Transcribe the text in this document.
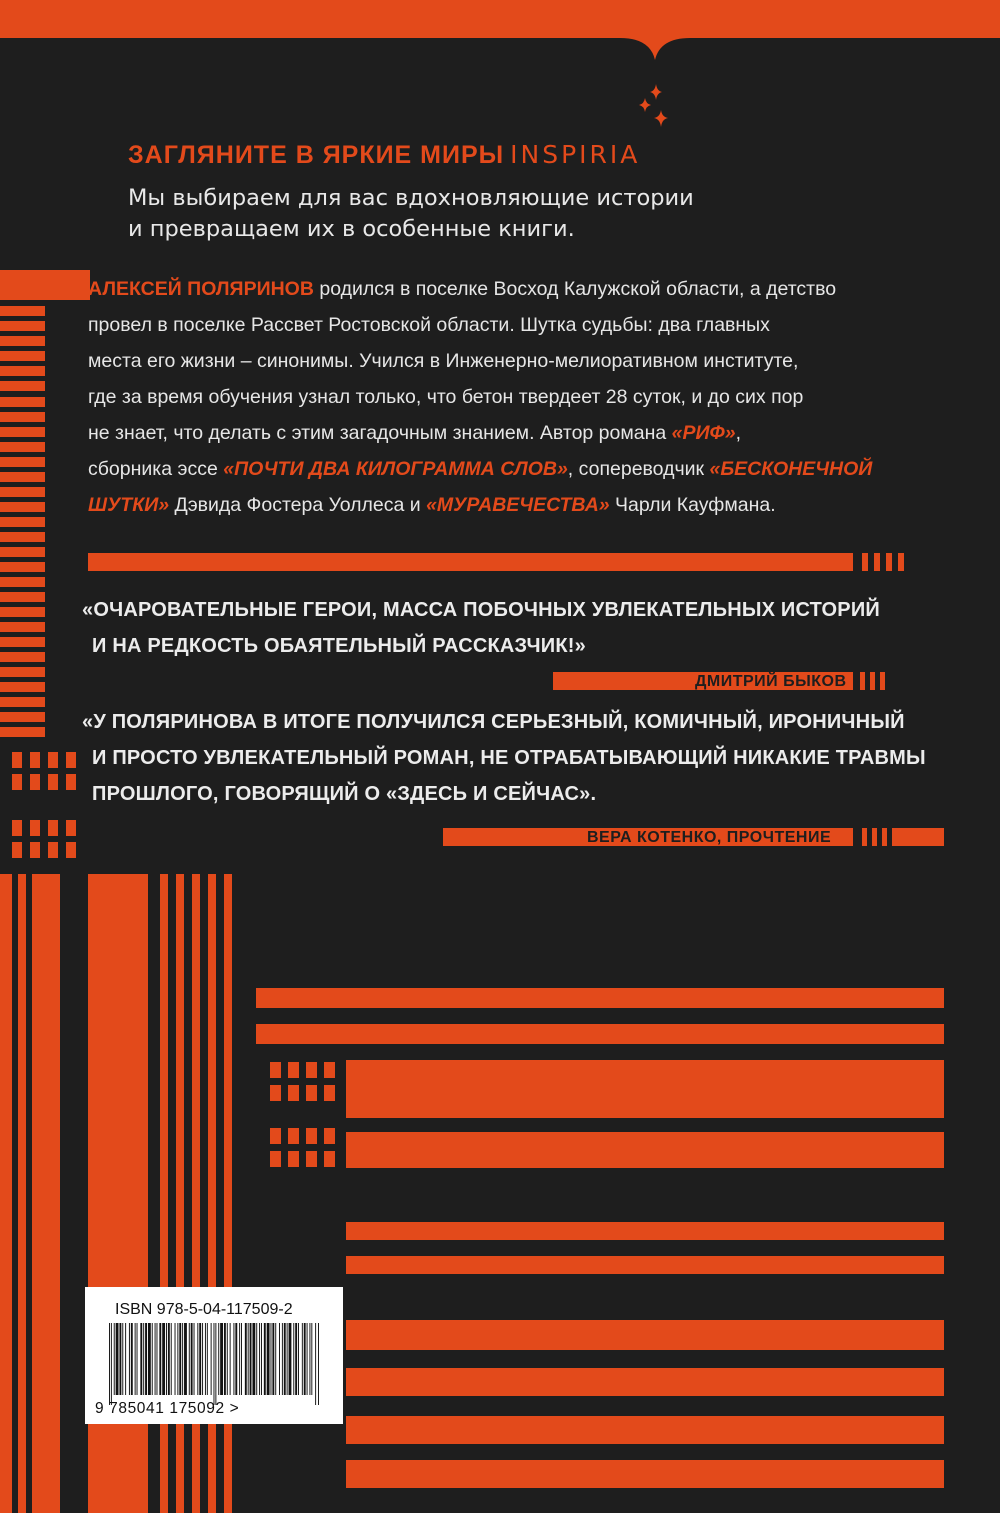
ЗАГЛЯНИТЕ В ЯРКИЕ МИРЫ INSPIRIA
Мы выбираем для вас вдохновляющие истории
и превращаем их в особенные книги.
АЛЕКСЕЙ ПОЛЯРИНОВ родился в поселке Восход Калужской области, а детство
провел в поселке Рассвет Ростовской области. Шутка судьбы: два главных
места его жизни – синонимы. Учился в Инженерно-мелиоративном институте,
где за время обучения узнал только, что бетон твердеет 28 суток, и до сих пор
не знает, что делать с этим загадочным знанием. Автор романа «РИФ»,
сборника эссе «ПОЧТИ ДВА КИЛОГРАММА СЛОВ», сопереводчик «БЕСКОНЕЧНОЙ
ШУТКИ» Дэвида Фостера Уоллеса и «МУРАВЕЧЕСТВА» Чарли Кауфмана.
«ОЧАРОВАТЕЛЬНЫЕ ГЕРОИ, МАССА ПОБОЧНЫХ УВЛЕКАТЕЛЬНЫХ ИСТОРИЙ
И НА РЕДКОСТЬ ОБАЯТЕЛЬНЫЙ РАССКАЗЧИК!»
ДМИТРИЙ БЫКОВ
«У ПОЛЯРИНОВА В ИТОГЕ ПОЛУЧИЛСЯ СЕРЬЕЗНЫЙ, КОМИЧНЫЙ, ИРОНИЧНЫЙ
И ПРОСТО УВЛЕКАТЕЛЬНЫЙ РОМАН, НЕ ОТРАБАТЫВАЮЩИЙ НИКАКИЕ ТРАВМЫ
ПРОШЛОГО, ГОВОРЯЩИЙ О «ЗДЕСЬ И СЕЙЧАС».
ВЕРА КОТЕНКО, ПРОЧТЕНИЕ
ISBN 978-5-04-117509-2
9 785041 175092 >
